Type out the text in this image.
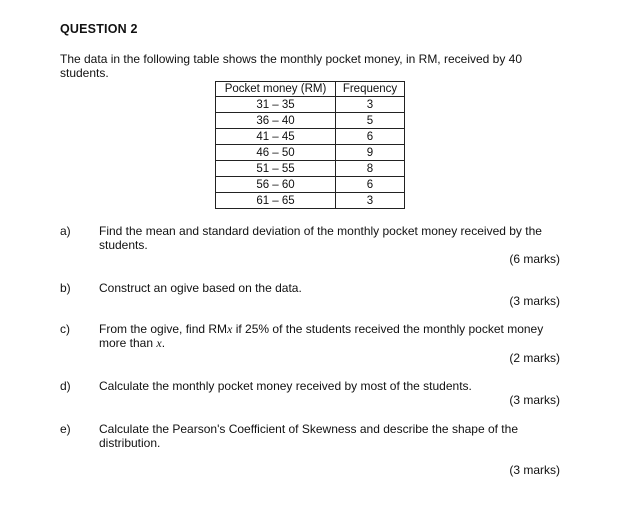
QUESTION 2
The data in the following table shows the monthly pocket money, in RM, received by 40 students.
Pocket money (RM)	Frequency
31 – 35	3
36 – 40	5
41 – 45	6
46 – 50	9
51 – 55	8
56 – 60	6
61 – 65	3
a) Find the mean and standard deviation of the monthly pocket money received by the students.
(6 marks)
b) Construct an ogive based on the data.
(3 marks)
c) From the ogive, find RMx if 25% of the students received the monthly pocket money more than x.
(2 marks)
d) Calculate the monthly pocket money received by most of the students.
(3 marks)
e) Calculate the Pearson's Coefficient of Skewness and describe the shape of the distribution.
(3 marks)
